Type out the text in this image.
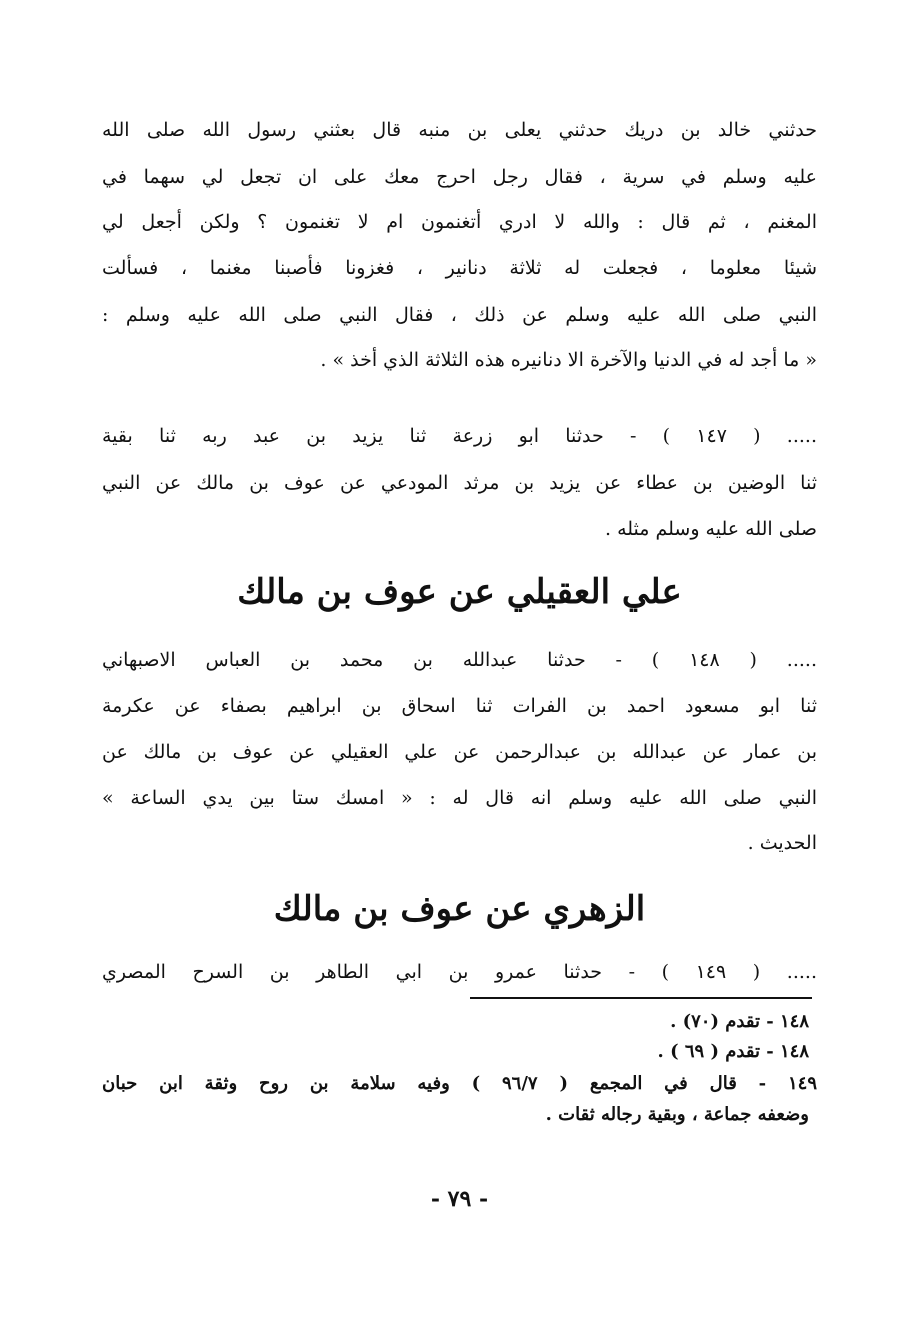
حدثني خالد بن دريك حدثني يعلى بن منبه قال بعثني رسول الله صلى الله
عليه وسلم في سرية ، فقال رجل احرج معك على ان تجعل لي سهما في
المغنم ، ثم قال : والله لا ادري أتغنمون ام لا تغنمون ؟ ولكن أجعل لي
شيئا معلوما ، فجعلت له ثلاثة دنانير ، فغزونا فأصبنا مغنما ، فسألت
النبي صلى الله عليه وسلم عن ذلك ، فقال النبي صلى الله عليه وسلم :
« ما أجد له في الدنيا والآخرة الا دنانيره هذه الثلاثة الذي أخذ » .
..... ( ١٤٧ ) - حدثنا ابو زرعة ثنا يزيد بن عبد ربه ثنا بقية
ثنا الوضين بن عطاء عن يزيد بن مرثد المودعي عن عوف بن مالك عن النبي
صلى الله عليه وسلم مثله .
علي العقيلي عن عوف بن مالك
..... ( ١٤٨ ) - حدثنا عبدالله بن محمد بن العباس الاصبهاني
ثنا ابو مسعود احمد بن الفرات ثنا اسحاق بن ابراهيم بصفاء عن عكرمة
بن عمار عن عبدالله بن عبدالرحمن عن علي العقيلي عن عوف بن مالك عن
النبي صلى الله عليه وسلم انه قال له : « امسك ستا بين يدي الساعة »
الحديث .
الزهري عن عوف بن مالك
..... ( ١٤٩ ) - حدثنا عمرو بن ابي الطاهر بن السرح المصري
١٤٨ - تقدم (٧٠) .
١٤٨ - تقدم ( ٦٩ ) .
١٤٩ - قال في المجمع ( ٩٦/٧ ) وفيه سلامة بن روح وثقة ابن حبان
وضعفه جماعة ، وبقية رجاله ثقات .
- ٧٩ -
